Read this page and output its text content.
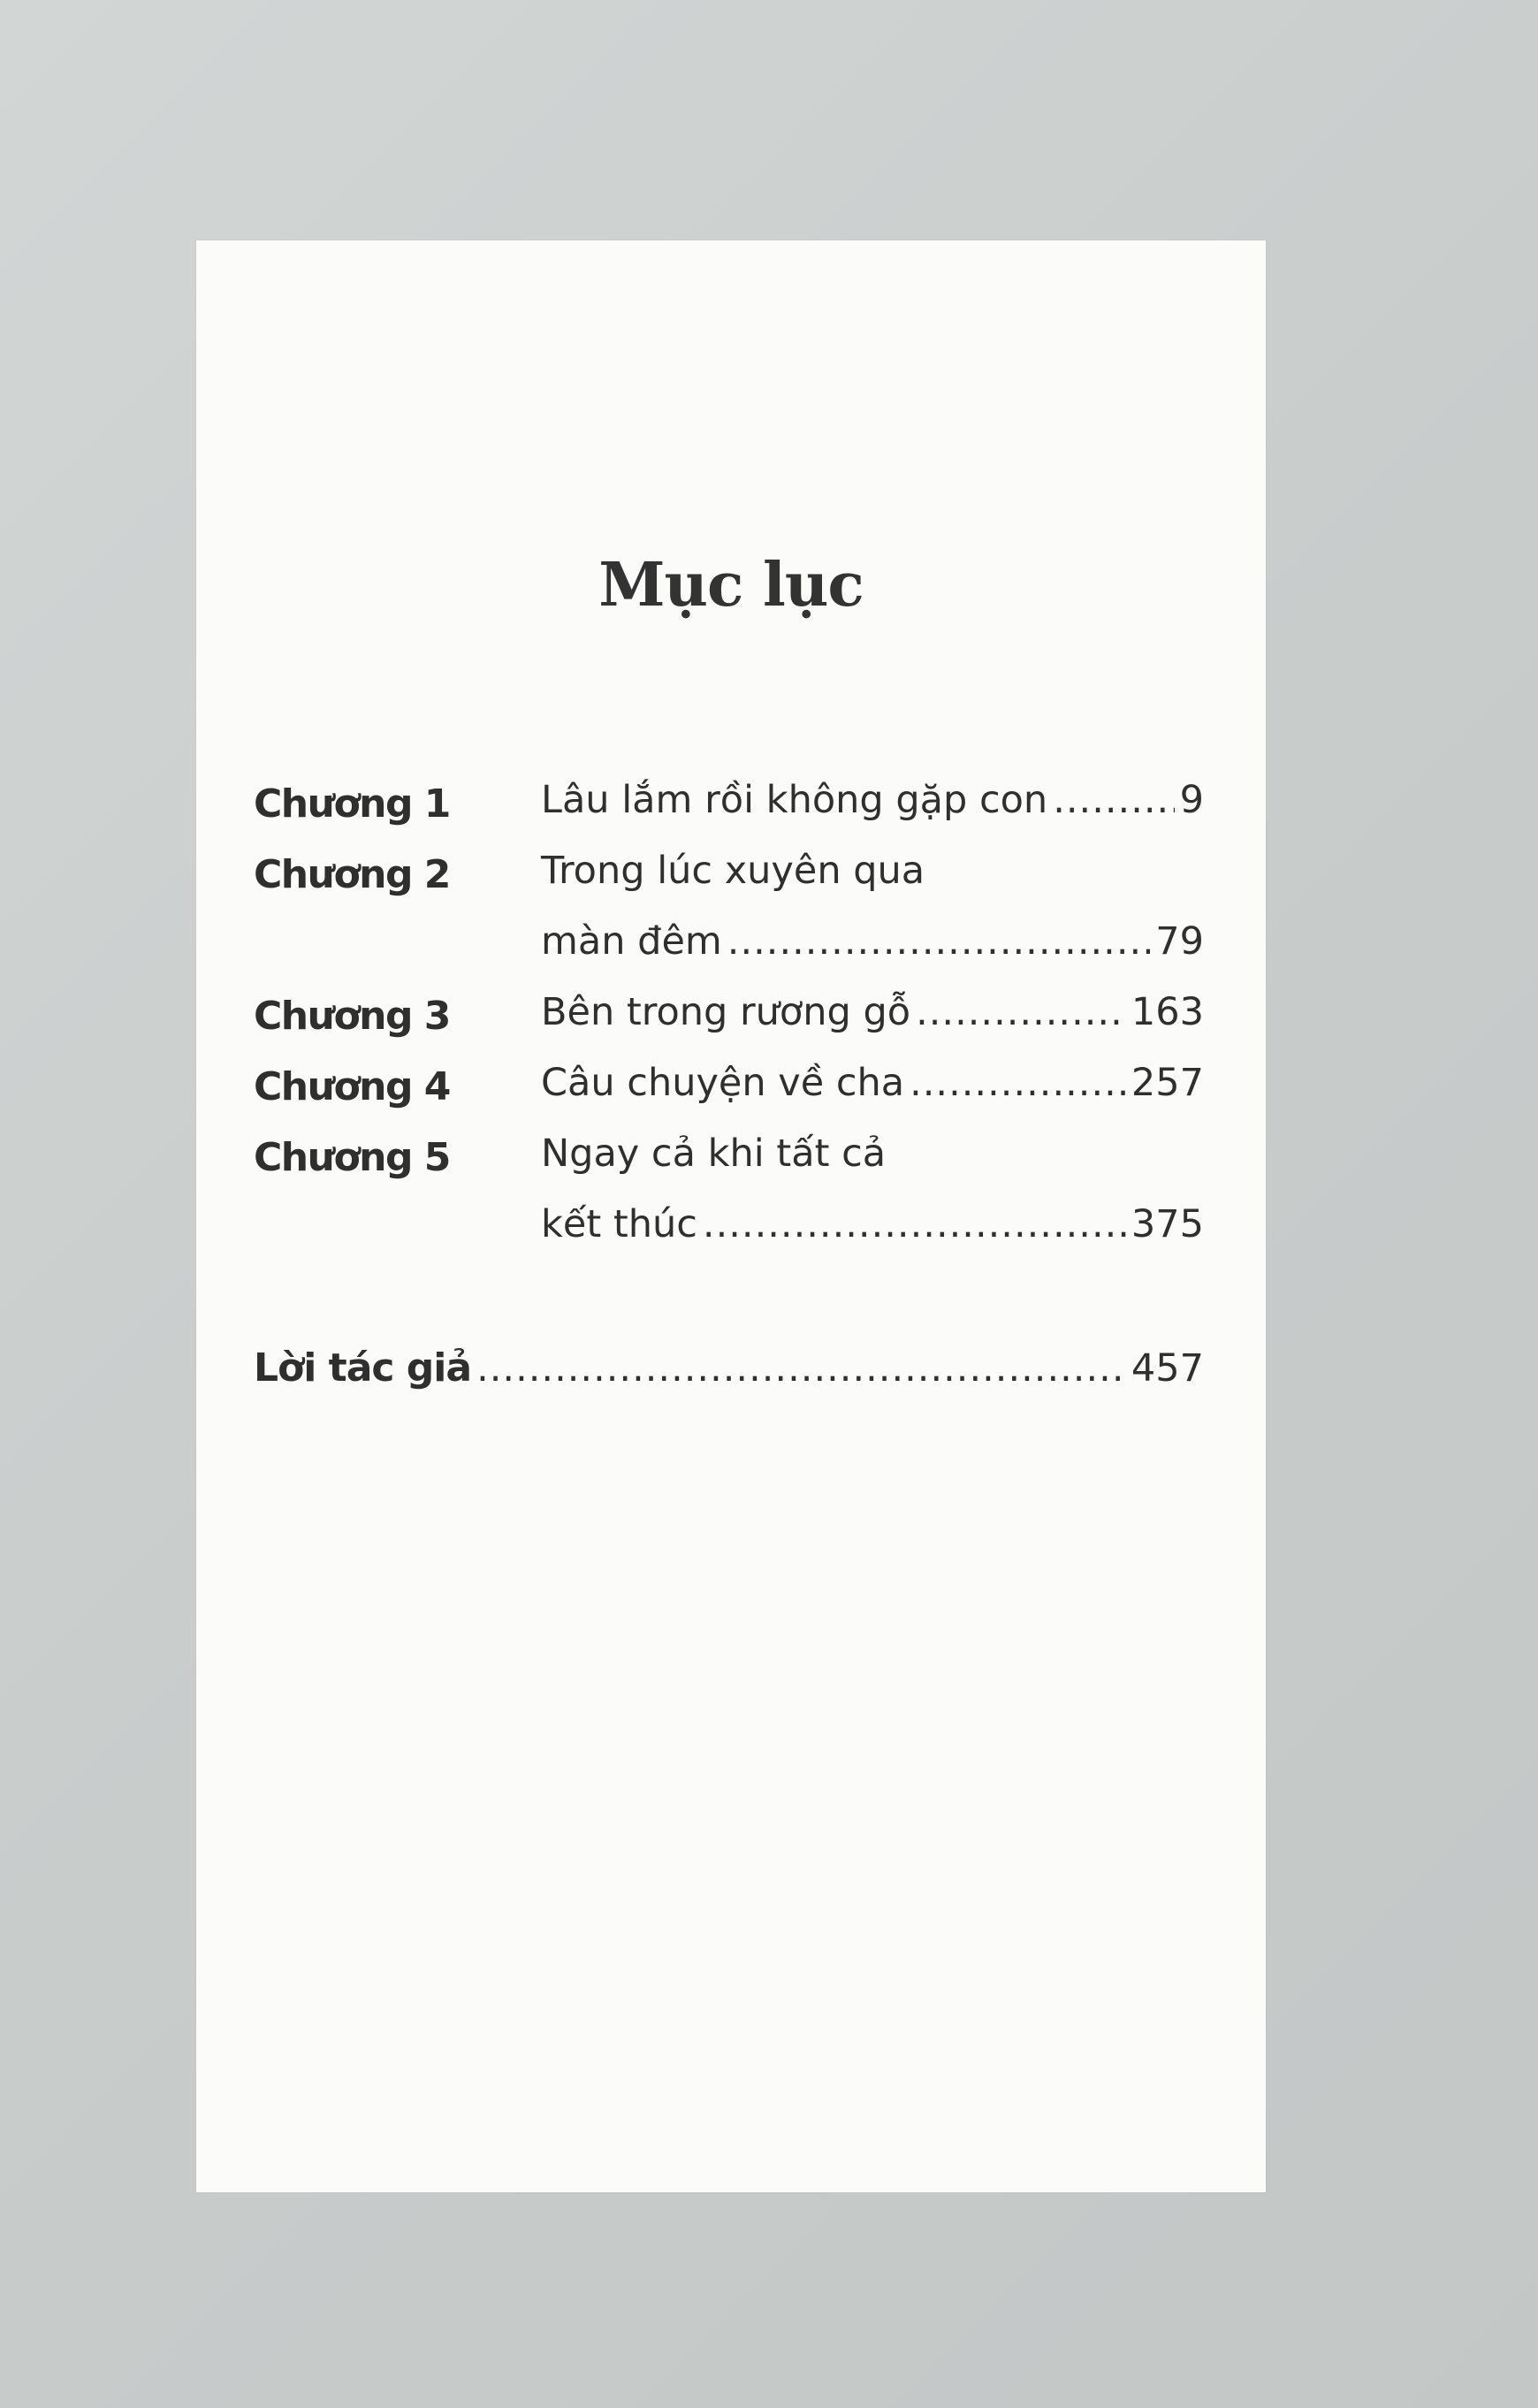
Mục lục
Chương 1 Lâu lắm rồi không gặp con .....	9
Chương 2 Trong lúc xuyên qua
màn đêm .....	79
Chương 3 Bên trong rương gỗ .....	163
Chương 4 Câu chuyện về cha .....	257
Chương 5 Ngay cả khi tất cả
kết thúc .....	375
Lời tác giả .....	457
